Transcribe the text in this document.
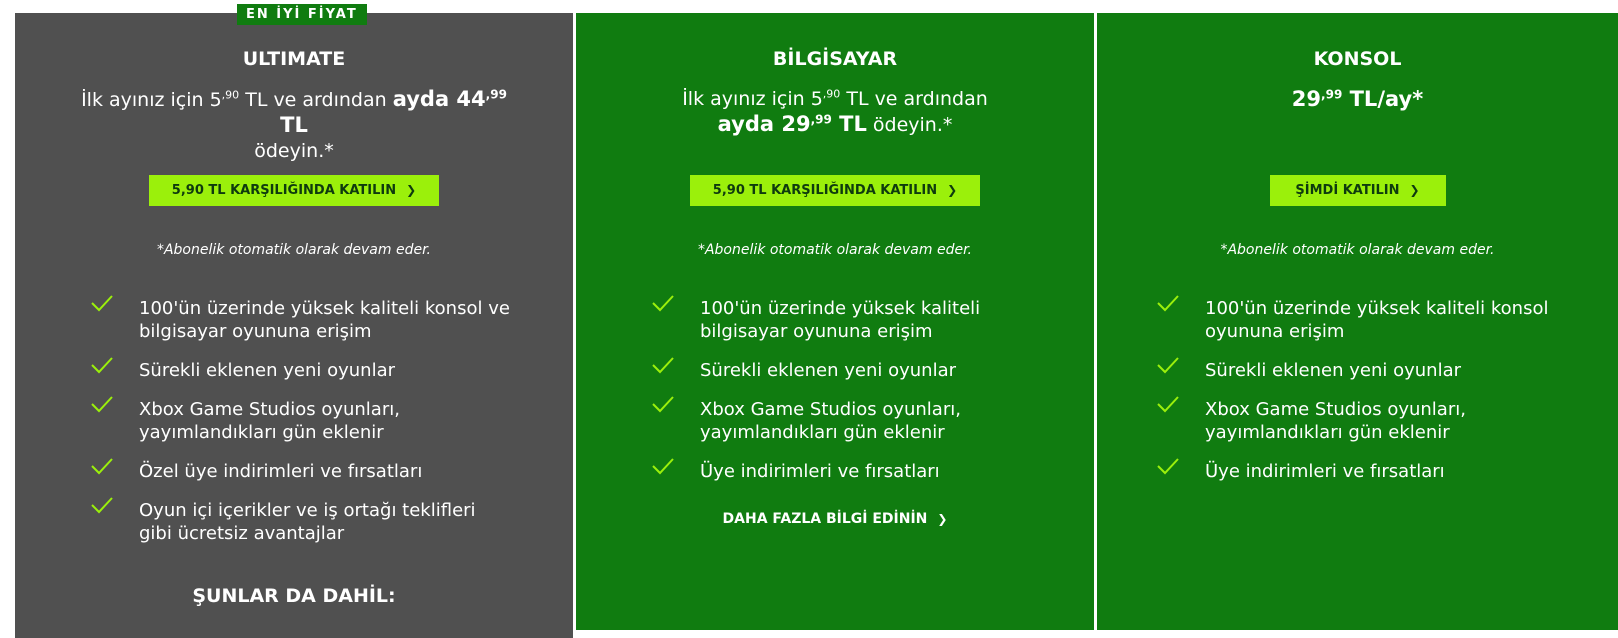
EN İYİ FİYAT
ULTIMATE
İlk ayınız için $5^{,90}$ TL ve ardından ayda $44^{,99}$ TL
ödeyin.*
5,90 TL KARŞILIĞINDA KATILIN ❯
*Abonelik otomatik olarak devam eder.
100'ün üzerinde yüksek kaliteli konsol ve bilgisayar oyununa erişim
Sürekli eklenen yeni oyunlar
Xbox Game Studios oyunları, yayımlandıkları gün eklenir
Özel üye indirimleri ve fırsatları
Oyun içi içerikler ve iş ortağı teklifleri gibi ücretsiz avantajlar
ŞUNLAR DA DAHİL:
BİLGİSAYAR
İlk ayınız için $5^{,90}$ TL ve ardından ayda $29^{,99}$ TL ödeyin.*
5,90 TL KARŞILIĞINDA KATILIN ❯
*Abonelik otomatik olarak devam eder.
100'ün üzerinde yüksek kaliteli bilgisayar oyununa erişim
Sürekli eklenen yeni oyunlar
Xbox Game Studios oyunları, yayımlandıkları gün eklenir
Üye indirimleri ve fırsatları
DAHA FAZLA BİLGİ EDİNİN ❯
KONSOL
$29^{,99}$ TL/ay*
ŞİMDİ KATILIN ❯
*Abonelik otomatik olarak devam eder.
100'ün üzerinde yüksek kaliteli konsol oyununa erişim
Sürekli eklenen yeni oyunlar
Xbox Game Studios oyunları, yayımlandıkları gün eklenir
Üye indirimleri ve fırsatları
